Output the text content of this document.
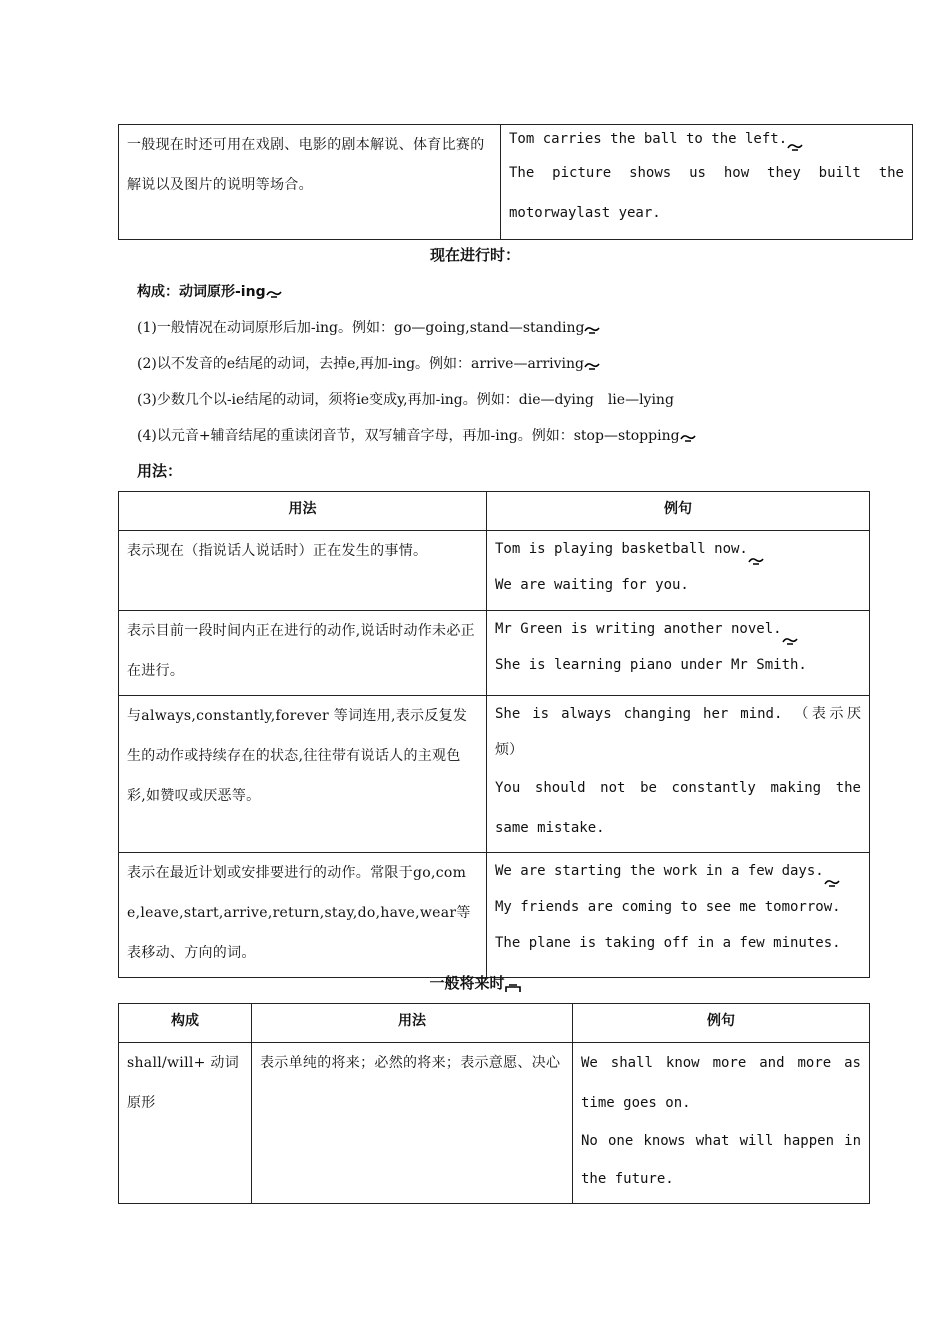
一般现在时还可用在戏剧、电影的剧本解说、体育比赛的解说以及图片的说明等场合。	

Tom carries the ball to the left.

The picture shows us how they built the

motorwaylast year.

现在进行时：
构成：动词原形-ing
(1)一般情况在动词原形后加-ing。例如：go—going,stand—standing
(2)以不发音的e结尾的动词，去掉e,再加-ing。例如：arrive—arriving
(3)少数几个以-ie结尾的动词，须将ie变成y,再加-ing。例如：die—dying　lie—lying
(4)以元音+辅音结尾的重读闭音节，双写辅音字母，再加-ing。例如：stop—stopping
用法：
用法	例句
表示现在（指说话人说话时）正在发生的事情。	Tom is playing basketball now.

We are waiting for you.

表示目前一段时间内正在进行的动作,说话时动作未必正在进行。	Mr Green is writing another novel.

She is learning piano under Mr Smith.

与always,constantly,forever 等词连用,表示反复发生的动作或持续存在的状态,往往带有说话人的主观色彩,如赞叹或厌恶等。	She is always changing her mind. （表示厌

烦）

You should not be constantly making the

same mistake.

表示在最近计划或安排要进行的动作。常限于go,come,leave,start,arrive,return,stay,do,have,wear等表移动、方向的词。	We are starting the work in a few days.

My friends are coming to see me tomorrow.

The plane is taking off in a few minutes.

一般将来时
构成	用法	例句
shall/will+ 动词原形	表示单纯的将来；必然的将来；表示意愿、决心	We shall know more and more as

time goes on.

No one knows what will happen in

the future.
